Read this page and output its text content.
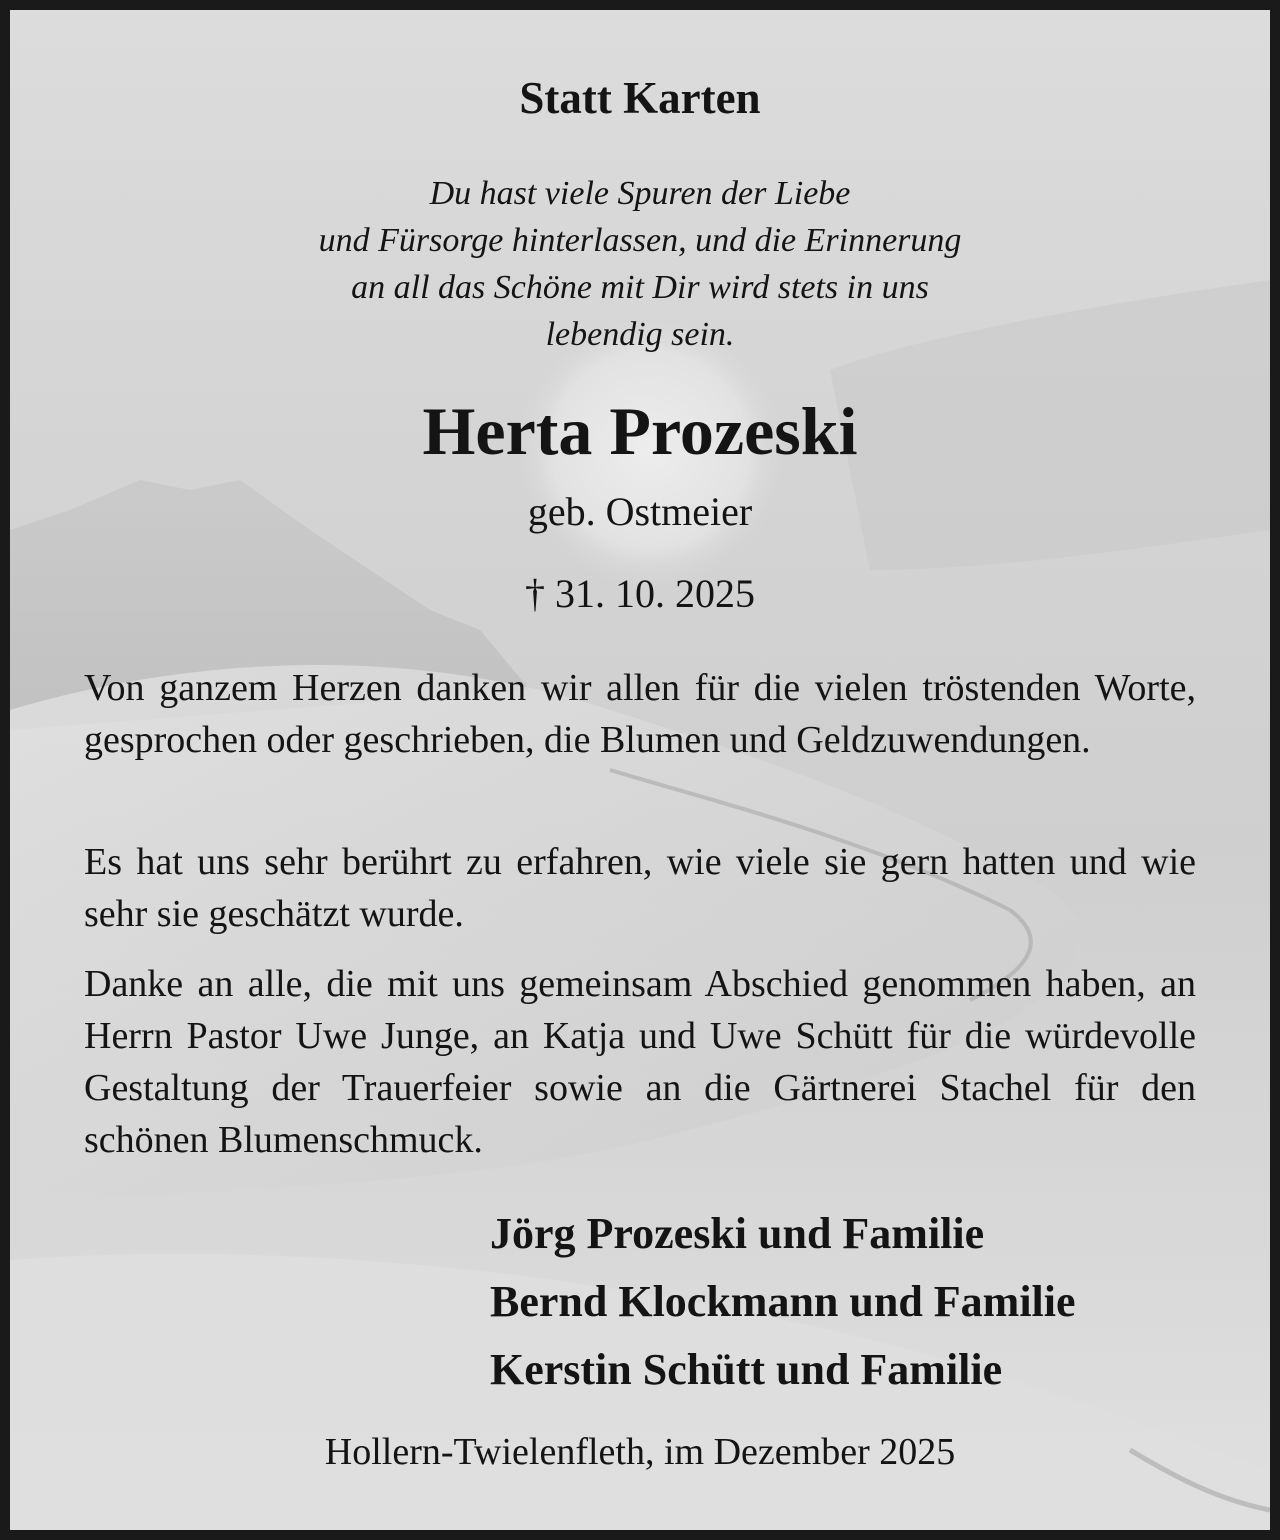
Statt Karten
Du hast viele Spuren der Liebe
und Fürsorge hinterlassen, und die Erinnerung
an all das Schöne mit Dir wird stets in uns
lebendig sein.
Herta Prozeski
geb. Ostmeier
† 31. 10. 2025

Von ganzem Herzen danken wir allen für die vielen tröstenden Worte, gesprochen oder geschrieben, die Blumen und Geldzuwendungen.

Es hat uns sehr berührt zu erfahren, wie viele sie gern hatten und wie sehr sie geschätzt wurde.

Danke an alle, die mit uns gemeinsam Abschied genommen haben, an Herrn Pastor Uwe Junge, an Katja und Uwe Schütt für die würdevolle Gestaltung der Trauerfeier sowie an die Gärtnerei Stachel für den schönen Blumenschmuck.

Jörg Prozeski und Familie
Bernd Klockmann und Familie
Kerstin Schütt und Familie
Hollern-Twielenfleth, im Dezember 2025
